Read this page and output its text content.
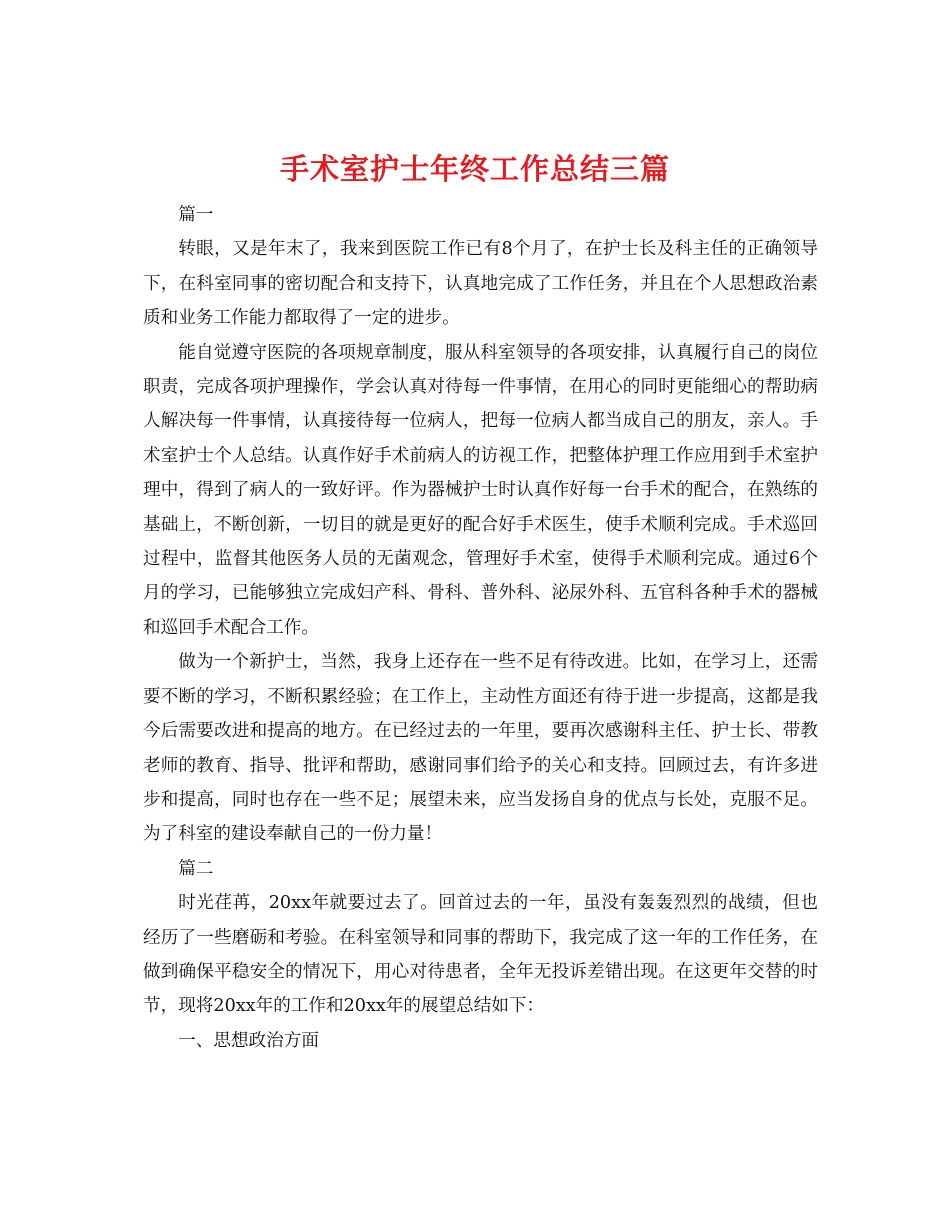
手术室护士年终工作总结三篇

篇一

转眼，又是年末了，我来到医院工作已有8个月了，在护士长及科主任的正确领导下，在科室同事的密切配合和支持下，认真地完成了工作任务，并且在个人思想政治素质和业务工作能力都取得了一定的进步。

能自觉遵守医院的各项规章制度，服从科室领导的各项安排，认真履行自己的岗位职责，完成各项护理操作，学会认真对待每一件事情，在用心的同时更能细心的帮助病人解决每一件事情，认真接待每一位病人，把每一位病人都当成自己的朋友，亲人。手术室护士个人总结。认真作好手术前病人的访视工作，把整体护理工作应用到手术室护理中，得到了病人的一致好评。作为器械护士时认真作好每一台手术的配合，在熟练的基础上，不断创新，一切目的就是更好的配合好手术医生，使手术顺利完成。手术巡回过程中，监督其他医务人员的无菌观念，管理好手术室，使得手术顺利完成。通过6个月的学习，已能够独立完成妇产科、骨科、普外科、泌尿外科、五官科各种手术的器械和巡回手术配合工作。

做为一个新护士，当然，我身上还存在一些不足有待改进。比如，在学习上，还需要不断的学习，不断积累经验；在工作上，主动性方面还有待于进一步提高，这都是我今后需要改进和提高的地方。在已经过去的一年里，要再次感谢科主任、护士长、带教老师的教育、指导、批评和帮助，感谢同事们给予的关心和支持。回顾过去，有许多进步和提高，同时也存在一些不足；展望未来，应当发扬自身的优点与长处，克服不足。为了科室的建设奉献自己的一份力量！

篇二

时光荏苒，20xx年就要过去了。回首过去的一年，虽没有轰轰烈烈的战绩，但也经历了一些磨砺和考验。在科室领导和同事的帮助下，我完成了这一年的工作任务，在做到确保平稳安全的情况下，用心对待患者，全年无投诉差错出现。在这更年交替的时节，现将20xx年的工作和20xx年的展望总结如下：

一、思想政治方面
